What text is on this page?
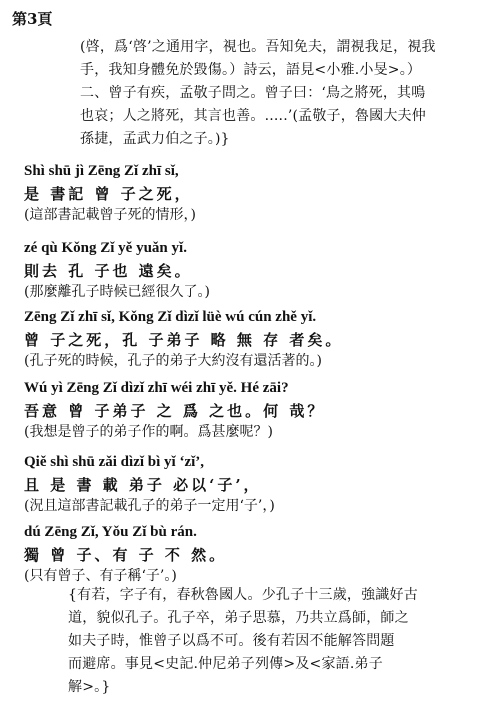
第3頁
(啓，爲‘啓’之通用字，視也。吾知免夫，謂視我足，視我
手，我知身體免於毀傷。）詩云，語見<小雅.小旻>。）
二、曾子有疾，孟敬子問之。曾子曰：‘鳥之將死，其鳴
也哀；人之將死，其言也善。.....’(孟敬子，魯國大夫仲
孫捷，孟武力伯之子。)}
Shì shū jì Zēng Zǐ zhī sǐ,
是 書記 曾 子之死，
(這部書記載曾子死的情形，)
zé qù Kǒng Zǐ yě yuǎn yǐ.
則去 孔 子也 遠矣。
(那麼離孔子時候已經很久了。)
Zēng Zǐ zhī sǐ, Kǒng Zǐ dìzǐ lüè wú cún zhě yǐ.
曾 子之死，孔 子弟子 略 無 存 者矣。
(孔子死的時候，孔子的弟子大約沒有還活著的。)
Wú yì Zēng Zǐ dìzǐ zhī wéi zhī yě. Hé zāi?
吾意 曾 子弟子 之 爲 之也。何 哉？
(我想是曾子的弟子作的啊。爲甚麼呢？)
Qiě shì shū zǎi dìzǐ bì yǐ ‘zǐ’,
且 是 書 載 弟子 必以‘子’，
(況且這部書記載孔子的弟子一定用‘子’，)
dú Zēng Zǐ, Yǒu Zǐ bù rán.
獨 曾 子、有 子 不 然。
(只有曾子、有子稱‘子’。)
{有若，字子有，春秋魯國人。少孔子十三歲，強識好古
道，貌似孔子。孔子卒，弟子思慕，乃共立爲師，師之
如夫子時，惟曾子以爲不可。後有若因不能解答問題
而避席。事見<史記.仲尼弟子列傳>及<家語.弟子
解>。}
